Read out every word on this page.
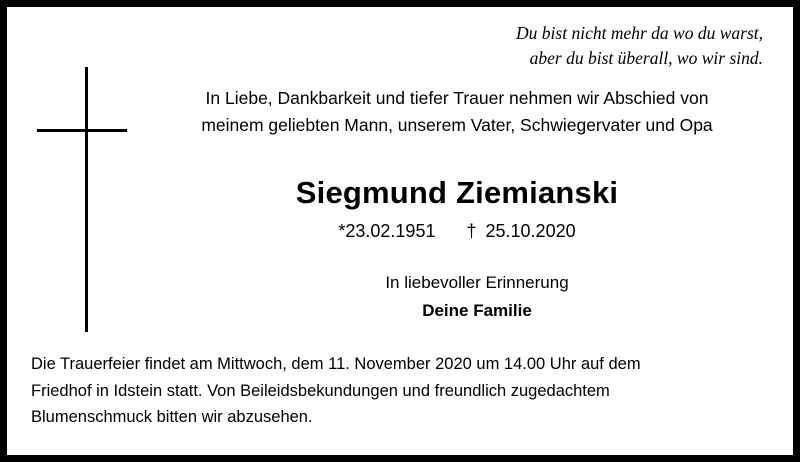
Du bist nicht mehr da wo du warst,
aber du bist überall, wo wir sind.
In Liebe, Dankbarkeit und tiefer Trauer nehmen wir Abschied von
meinem geliebten Mann, unserem Vater, Schwiegervater und Opa
Siegmund Ziemianski
*23.02.1951 † 25.10.2020
In liebevoller Erinnerung
Deine Familie
Die Trauerfeier findet am Mittwoch, dem 11. November 2020 um 14.00 Uhr auf dem
Friedhof in Idstein statt. Von Beileidsbekundungen und freundlich zugedachtem
Blumenschmuck bitten wir abzusehen.
